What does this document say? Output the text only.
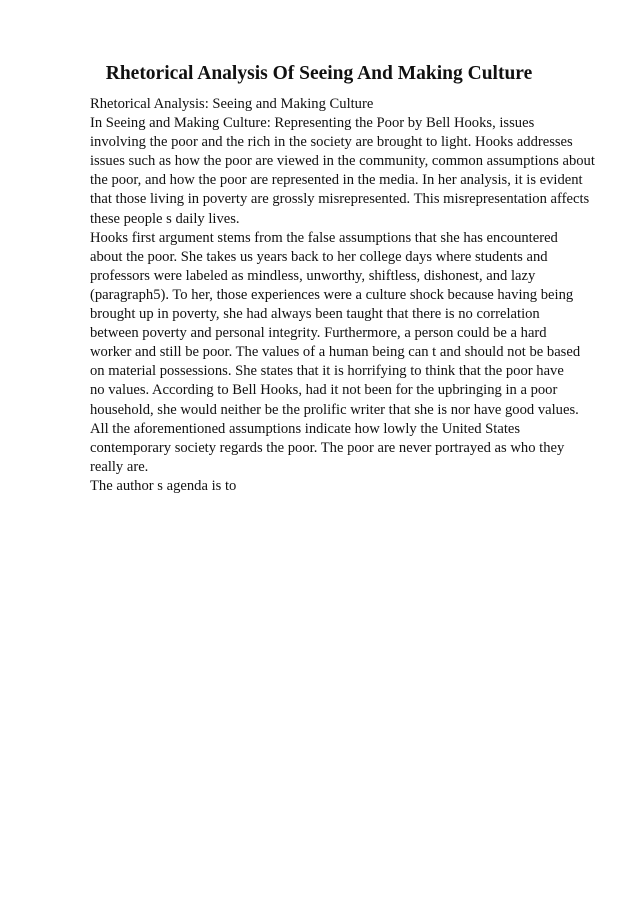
Rhetorical Analysis Of Seeing And Making Culture
Rhetorical Analysis: Seeing and Making Culture
In Seeing and Making Culture: Representing the Poor by Bell Hooks, issues
involving the poor and the rich in the society are brought to light. Hooks addresses
issues such as how the poor are viewed in the community, common assumptions about
the poor, and how the poor are represented in the media. In her analysis, it is evident
that those living in poverty are grossly misrepresented. This misrepresentation affects
these people s daily lives.
Hooks first argument stems from the false assumptions that she has encountered
about the poor. She takes us years back to her college days where students and
professors were labeled as mindless, unworthy, shiftless, dishonest, and lazy
(paragraph5). To her, those experiences were a culture shock because having being
brought up in poverty, she had always been taught that there is no correlation
between poverty and personal integrity. Furthermore, a person could be a hard
worker and still be poor. The values of a human being can t and should not be based
on material possessions. She states that it is horrifying to think that the poor have
no values. According to Bell Hooks, had it not been for the upbringing in a poor
household, she would neither be the prolific writer that she is nor have good values.
All the aforementioned assumptions indicate how lowly the United States
contemporary society regards the poor. The poor are never portrayed as who they
really are.
The author s agenda is to
